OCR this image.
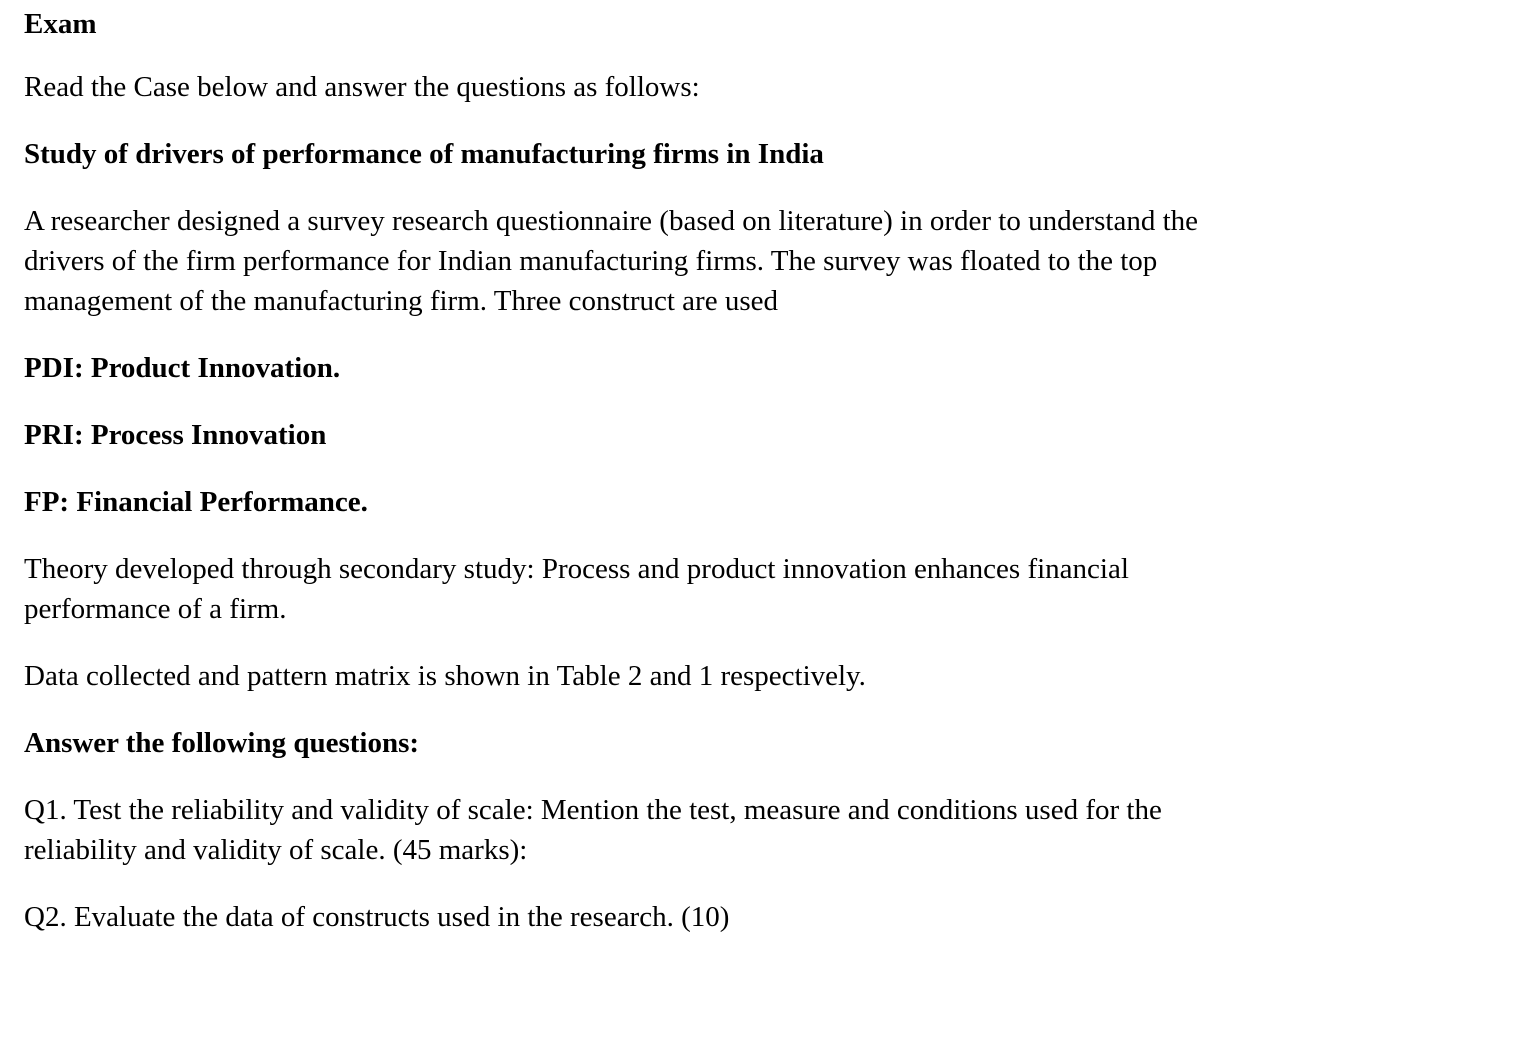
Exam

Read the Case below and answer the questions as follows:

Study of drivers of performance of manufacturing firms in India

A researcher designed a survey research questionnaire (based on literature) in order to understand the

drivers of the firm performance for Indian manufacturing firms. The survey was floated to the top

management of the manufacturing firm. Three construct are used

PDI: Product Innovation.

PRI: Process Innovation

FP: Financial Performance.

Theory developed through secondary study: Process and product innovation enhances financial

performance of a firm.

Data collected and pattern matrix is shown in Table 2 and 1 respectively.

Answer the following questions:

Q1. Test the reliability and validity of scale: Mention the test, measure and conditions used for the

reliability and validity of scale. (45 marks):

Q2. Evaluate the data of constructs used in the research. (10)
